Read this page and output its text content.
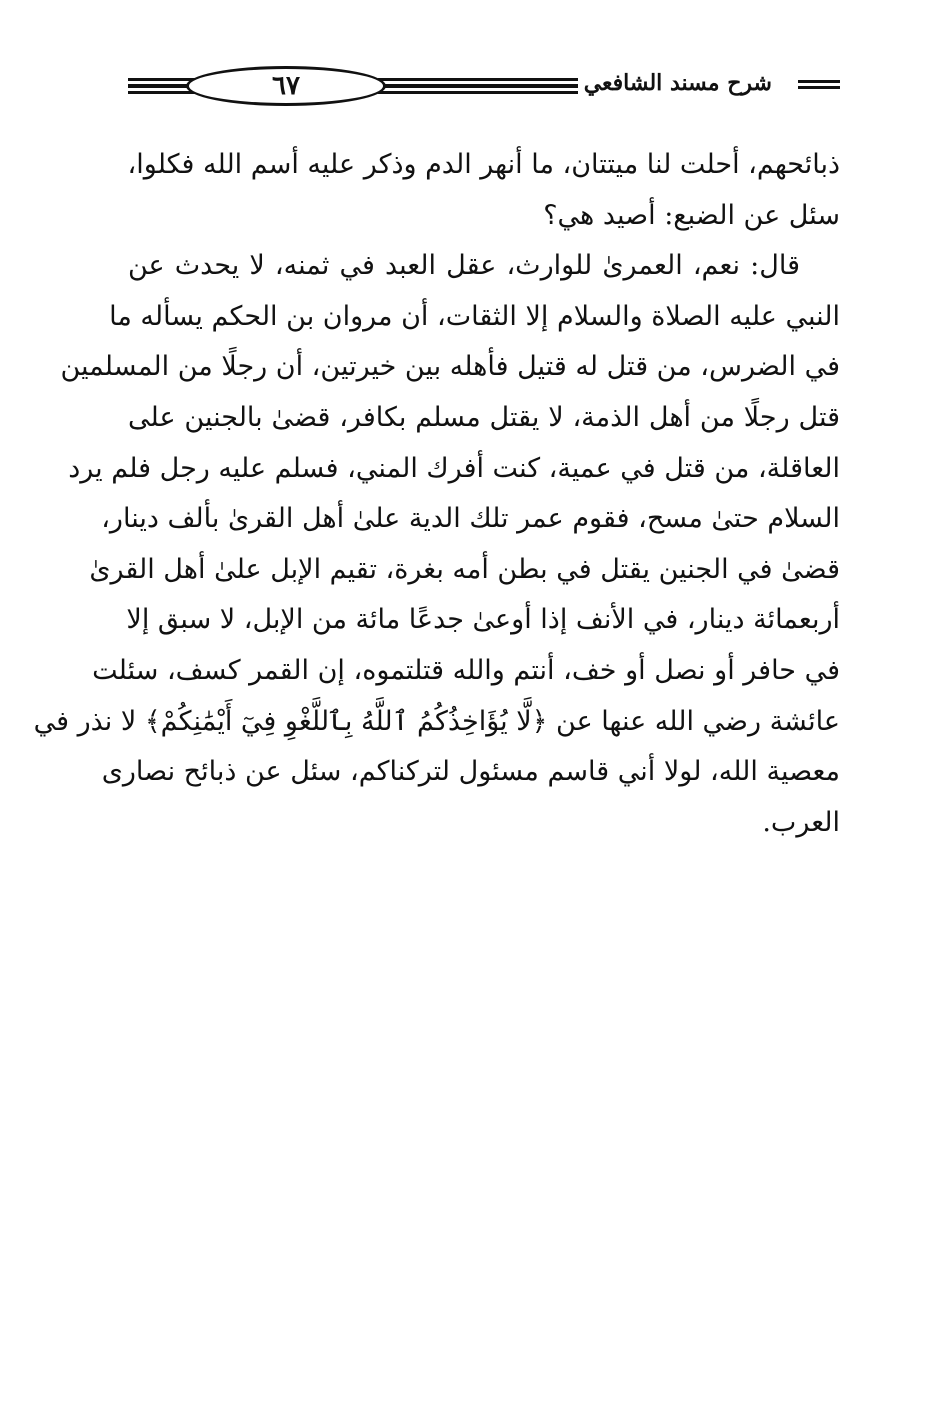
٦٧	شرح مسند الشافعي
ذبائحهم، أحلت لنا ميتتان، ما أنهر الدم وذكر عليه أسم الله فكلوا،
سئل عن الضبع: أصيد هي؟
قال: نعم، العمرىٰ للوارث، عقل العبد في ثمنه، لا يحدث عن
النبي عليه الصلاة والسلام إلا الثقات، أن مروان بن الحكم يسأله ما
في الضرس، من قتل له قتيل فأهله بين خيرتين، أن رجلًا من المسلمين
قتل رجلًا من أهل الذمة، لا يقتل مسلم بكافر، قضىٰ بالجنين على
العاقلة، من قتل في عمية، كنت أفرك المني، فسلم عليه رجل فلم يرد
السلام حتىٰ مسح، فقوم عمر تلك الدية علىٰ أهل القرىٰ بألف دينار،
قضىٰ في الجنين يقتل في بطن أمه بغرة، تقيم الإبل علىٰ أهل القرىٰ
أربعمائة دينار، في الأنف إذا أوعىٰ جدعًا مائة من الإبل، لا سبق إلا
في حافر أو نصل أو خف، أنتم والله قتلتموه، إن القمر كسف، سئلت
عائشة رضي الله عنها عن ﴿لَّا يُؤَاخِذُكُمُ ٱللَّهُ بِٱللَّغْوِ فِيٓ أَيْمَٰنِكُمْ﴾ لا نذر في
معصية الله، لولا أني قاسم مسئول لتركناكم، سئل عن ذبائح نصارى
العرب.
